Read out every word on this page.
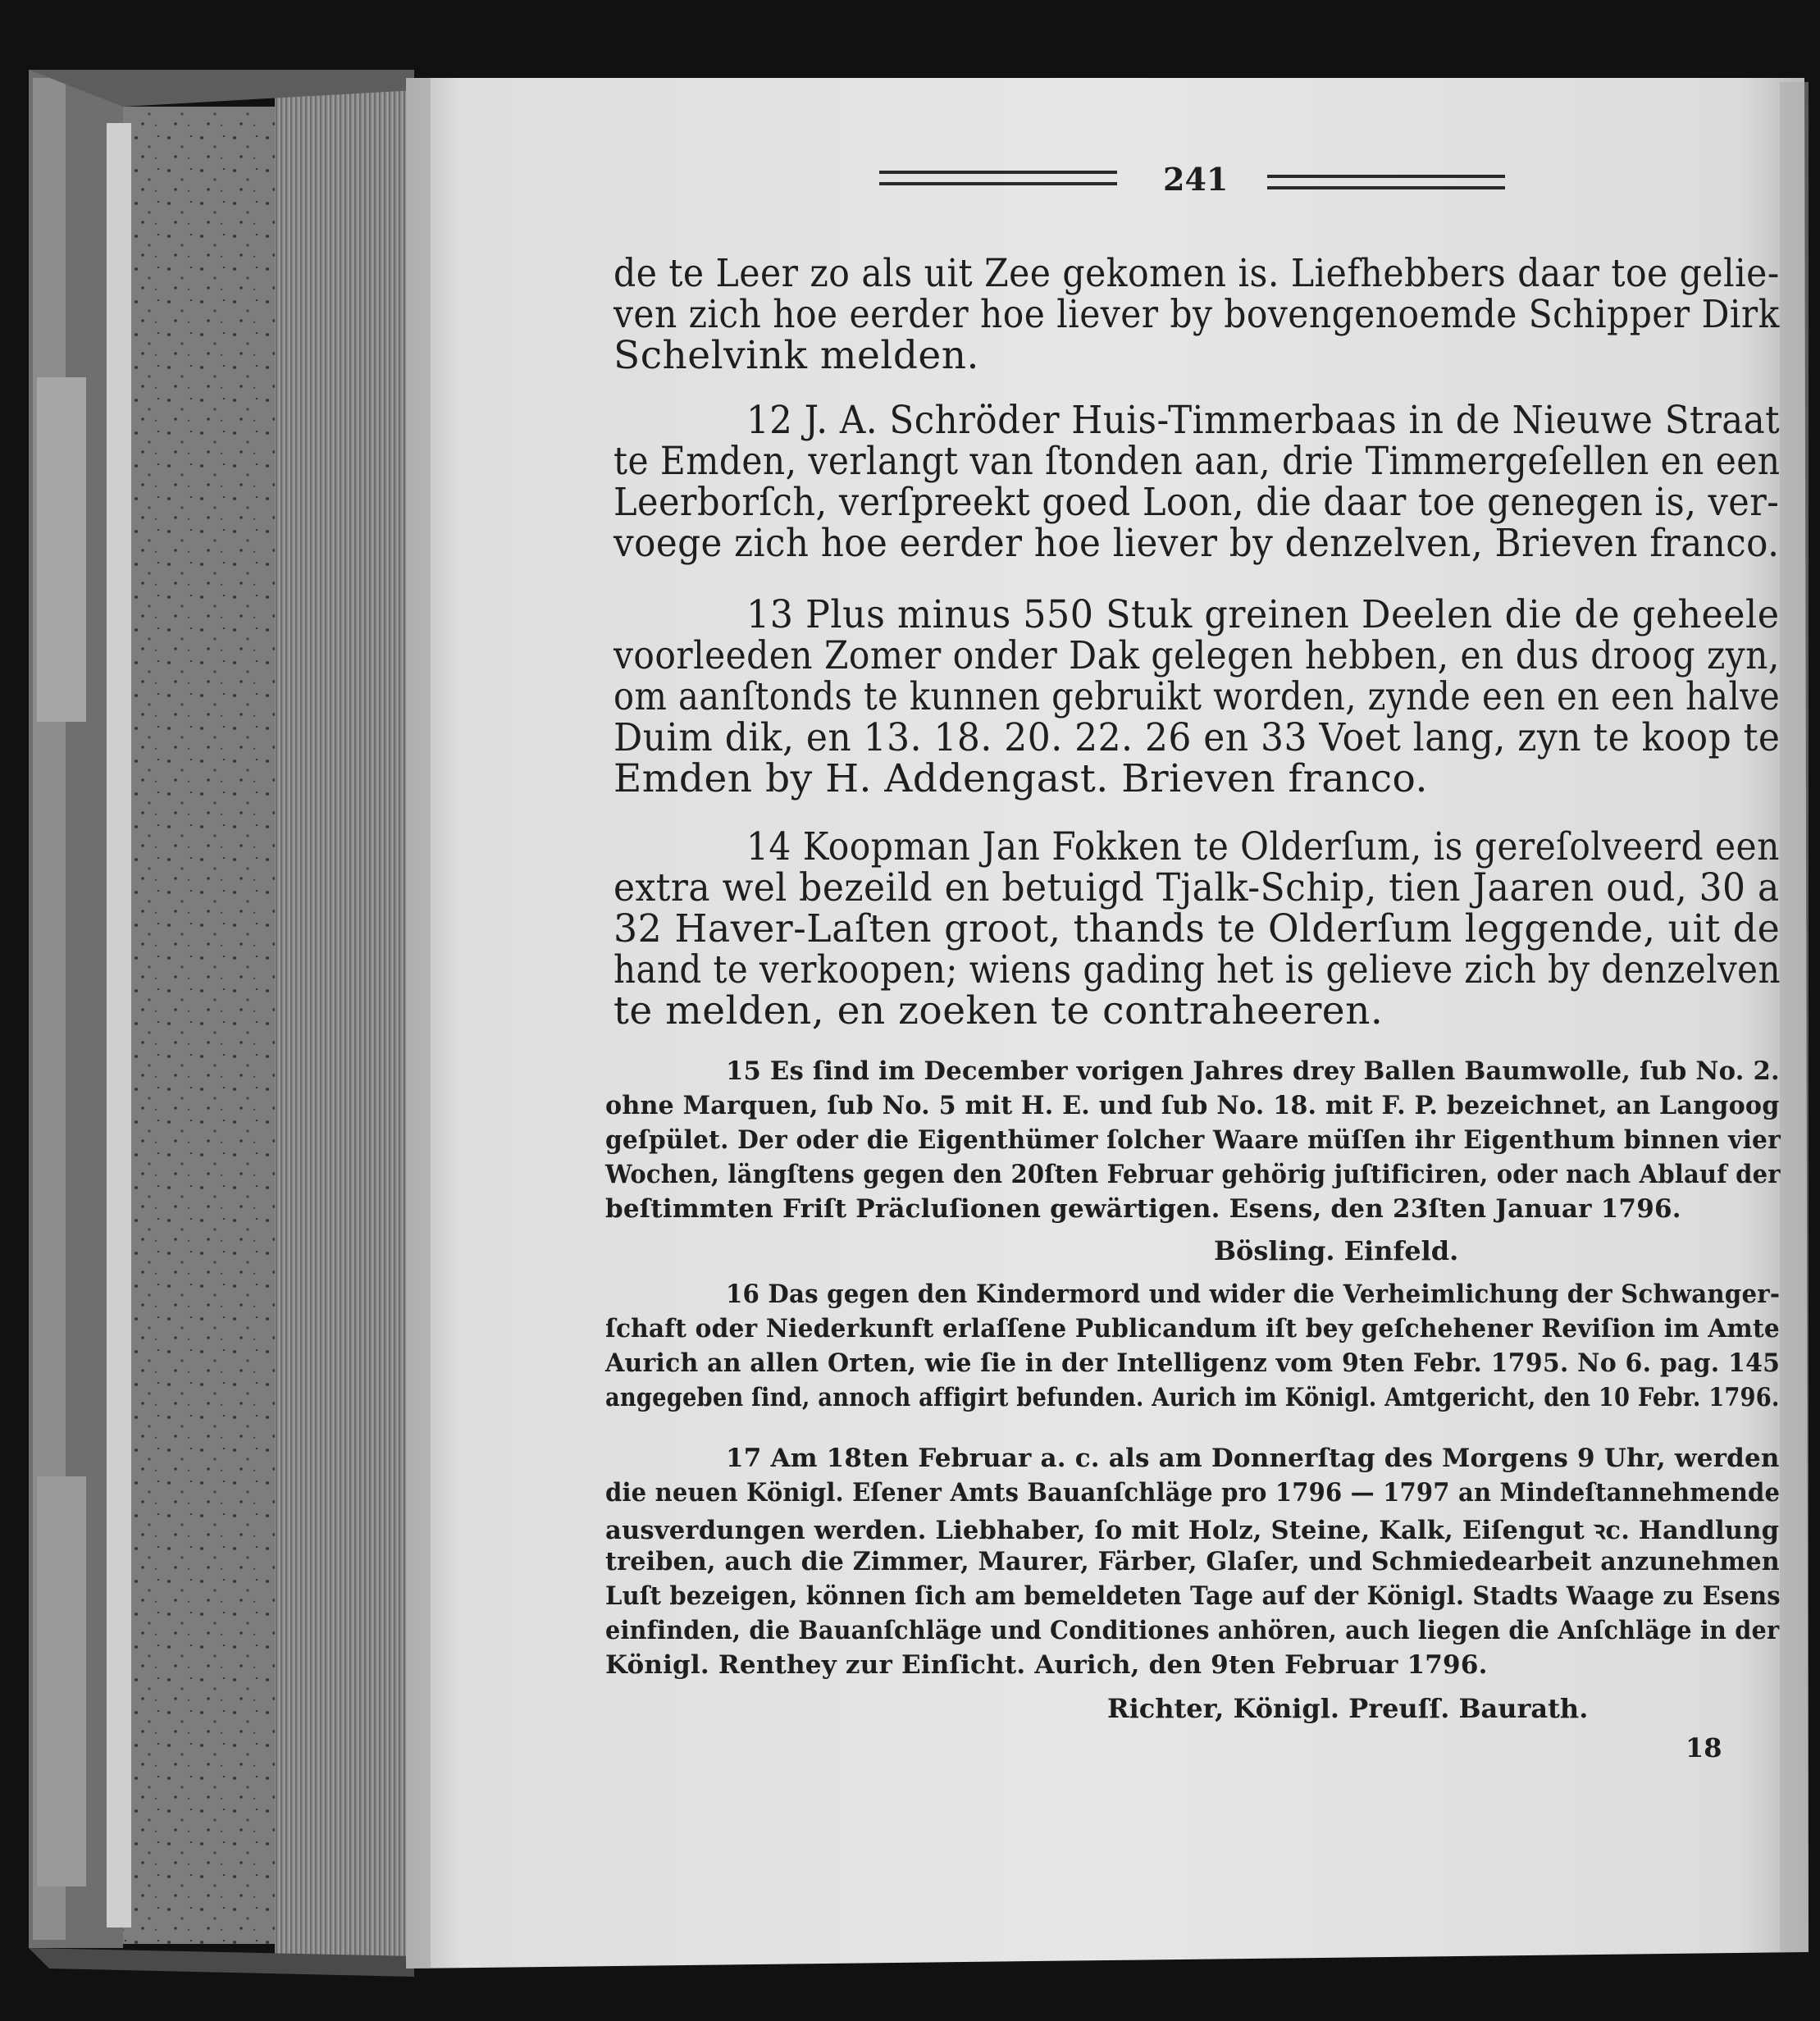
241
de te Leer zo als uit Zee gekomen is. Liefhebbers daar toe gelie-
ven zich hoe eerder hoe liever by bovengenoemde Schipper Dirk
Schelvink melden.
12 J. A. Schröder Huis-Timmerbaas in de Nieuwe Straat
te Emden, verlangt van ſtonden aan, drie Timmergeſellen en een
Leerborſch, verſpreekt goed Loon, die daar toe genegen is, ver-
voege zich hoe eerder hoe liever by denzelven, Brieven franco.
13 Plus minus 550 Stuk greinen Deelen die de geheele
voorleeden Zomer onder Dak gelegen hebben, en dus droog zyn,
om aanſtonds te kunnen gebruikt worden, zynde een en een halve
Duim dik, en 13. 18. 20. 22. 26 en 33 Voet lang, zyn te koop te
Emden by H. Addengast. Brieven franco.
14 Koopman Jan Fokken te Olderſum, is gereſolveerd een
extra wel bezeild en betuigd Tjalk-Schip, tien Jaaren oud, 30 a
32 Haver-Laſten groot, thands te Olderſum leggende, uit de
hand te verkoopen; wiens gading het is gelieve zich by denzelven
te melden, en zoeken te contraheeren.
15 Es ſind im December vorigen Jahres drey Ballen Baumwolle, ſub No. 2.
ohne Marquen, ſub No. 5 mit H. E. und ſub No. 18. mit F. P. bezeichnet, an Langoog
geſpület. Der oder die Eigenthümer ſolcher Waare müſſen ihr Eigenthum binnen vier
Wochen, längſtens gegen den 20ſten Februar gehörig juſtificiren, oder nach Ablauf der
beſtimmten Friſt Präcluſionen gewärtigen. Esens, den 23ſten Januar 1796.
Bösling. Einfeld.
16 Das gegen den Kindermord und wider die Verheimlichung der Schwanger-
ſchaft oder Niederkunft erlaſſene Publicandum iſt bey geſchehener Reviſion im Amte
Aurich an allen Orten, wie ſie in der Intelligenz vom 9ten Febr. 1795. No 6. pag. 145
angegeben ſind, annoch affigirt befunden. Aurich im Königl. Amtgericht, den 10 Febr. 1796.
17 Am 18ten Februar a. c. als am Donnerſtag des Morgens 9 Uhr, werden
die neuen Königl. Eſener Amts Bauanſchläge pro 1796 — 1797 an Mindeſtannehmende
ausverdungen werden. Liebhaber, ſo mit Holz, Steine, Kalk, Eiſengut ꝛc. Handlung
treiben, auch die Zimmer, Maurer, Färber, Glaſer, und Schmiedearbeit anzunehmen
Luſt bezeigen, können ſich am bemeldeten Tage auf der Königl. Stadts Waage zu Esens
einfinden, die Bauanſchläge und Conditiones anhören, auch liegen die Anſchläge in der
Königl. Renthey zur Einſicht. Aurich, den 9ten Februar 1796.
Richter, Königl. Preuſſ. Baurath.
18
